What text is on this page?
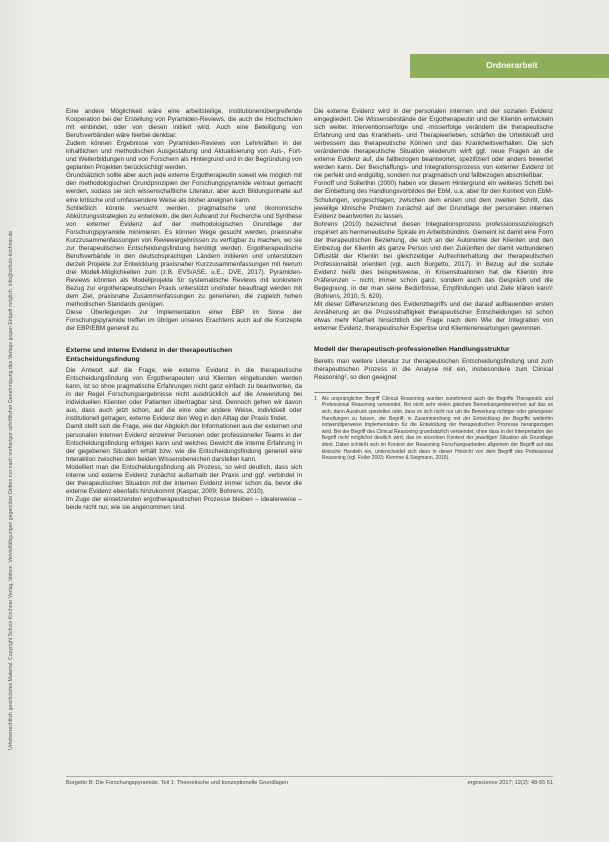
Ordnerarbeit
Urheberrechtlich geschütztes Material. Copyright Schulz-Kirchner Verlag, Idstein. Vervielfältigungen gegenüber Dritten nur nach vorheriger schriftlicher Genehmigung des Verlags gegen Entgelt möglich. info@schulz-kirchner.de

Eine andere Möglichkeit wäre eine arbeitsteilige, institutionenübergreifende Kooperation bei der Erstellung von Pyramiden-Reviews, die auch die Hochschulen mit einbindet, oder von diesen initiiert wird. Auch eine Beteiligung von Berufsverbänden wäre hierbei denkbar.

Zudem können Ergebnisse von Pyramiden-Reviews von Lehrkräften in der inhaltlichen und methodischen Ausgestaltung und Aktualisierung von Aus-, Fort- und Weiterbildungen und von Forschern als Hintergrund und in der Begründung von geplanten Projekten berücksichtigt werden.

Grundsätzlich sollte aber auch jede externe Ergotherapeutin soweit wie möglich mit den methodologischen Grundprinzipien der Forschungspyramide vertraut gemacht werden, sodass sie sich wissenschaftliche Literatur, aber auch Bildungsinhalte auf eine kritische und umfassendere Weise als bisher aneignen kann.

Schließlich könnte versucht werden, pragmatische und ökonomische Abkürzungsstrategien zu entwickeln, die den Aufwand zur Recherche und Synthese von externer Evidenz auf der methodologischen Grundlage der Forschungspyramide minimieren. Es können Wege gesucht werden, praxisnahe Kurzzusammenfassungen von Reviewergebnissen zu verfügbar zu machen, wo sie zur therapeutischen Entscheidungsfindung benötigt werden. Ergotherapeutische Berufsverbände in den deutschsprachigen Ländern initiieren und unterstützen derzeit Projekte zur Entwicklung praxisnaher Kurzzusammenfassungen mit hierum drei Modell-Möglichkeiten zum (z.B. EVS/ASE, u.E., DVE, 2017). Pyramiden-Reviews könnten als Modellprojekte für systematische Reviews mit konkretem Bezug zur ergotherapeutischen Praxis unterstützt und/oder beauftragt werden mit dem Ziel, praxisnahe Zusammenfassungen zu generieren, die zugleich hohen methodischen Standards genügen.

Diese Überlegungen zur Implementation einer EBP im Sinne der Forschungspyramide treffen im übrigen unseres Erachtens auch auf die Konzepte der EBP/EBM generell zu.

Externe und interne Evidenz in der therapeutischen Entscheidungsfindung

Die Antwort auf die Frage, wie externe Evidenz in die therapeutische Entscheidungsfindung von Ergotherapeuten und Klienten eingebunden werden kann, ist so ohne pragmatische Erfahrungen nicht ganz einfach zu beantworten, da in der Regel Forschungsergebnisse nicht ausdrücklich auf die Anwendung bei individuellen Klienten oder Patienten übertragbar sind. Dennoch gehen wir davon aus, dass auch jetzt schon, auf die eine oder andere Weise, individuell oder institutionell getragen, externe Evidenz den Weg in den Alltag der Praxis findet.

Damit stellt sich die Frage, wie der Abgleich der Informationen aus der externen und personalen internen Evidenz einzelner Personen oder professioneller Teams in der Entscheidungsfindung erfolgen kann und welches Gewicht die interne Erfahrung in der gegebenen Situation erhält bzw. wie die Entscheidungsfindung generell eine Interaktion zwischen den beiden Wissensbereichen darstellen kann.

Modelliert man die Entscheidungsfindung als Prozess, so wird deutlich, dass sich interne und externe Evidenz zunächst außerhalb der Praxis und ggf. verbindet in der therapeutischen Situation mit der internen Evidenz immer schon da, bevor die externe Evidenz ebenfalls hinzukommt (Kaspar, 2009; Bohrens, 2010).

Im Zuge der einsetzenden ergotherapeutischen Prozesse bleiben – idealerweise – beide nicht nur, wie sie angenommen sind.

Die externe Evidenz wird in der personalen internen und der sozialen Evidenz eingegliedert. Die Wissensbestände der Ergotherapeutin und der Klientin entwickeln sich weiter. Interventionserfolge und -misserfolge verändern die therapeutische Erfahrung und das Krankheits- und Therapieerleben, schärfen die Urteilskraft und verbessern das therapeutische Können und das Krankheitsverhalten. Die sich verändernde therapeutische Situation wiederum wirft ggf. neue Fragen an die externe Evidenz auf, die fallbezogen beantwortet, spezifiziert oder anders bewertet werden kann. Der Beschaffungs- und Integrationsprozess von externer Evidenz ist nie perfekt und endgültig, sondern nur pragmatisch und fallbezogen abschließbar.

Fornoff und Sollerthin (2000) haben vor diesem Hintergrund ein weiteres Schritt bei der Einbettung des Handlungsvorbildes der EbM, u.a. aber für den Kontext von EbM-Schulungen, vorgeschlagen, zwischen dem ersten und dem zweiten Schritt, das jeweilige klinische Problem zunächst auf der Grundlage der personalen internen Evidenz beantworten zu lassen.

Bohrens (2010) bezeichnet diesen Integrationsprozess professionssoziologisch inspiriert als hermeneutische Spirale im Arbeitsbündnis. Gemeint ist damit eine Form der therapeutischen Beziehung, die sich an der Autonomie der Klienten und den Einbezug der Klientin als ganze Person und den Zukünften der damit verbundenen Diffusität der Klientin bei gleichzeitiger Aufrechterhaltung der therapeutischen Professionalität orientiert (vgl. auch Borgetto, 2017). In Bezug auf die soziale Evidenz heißt dies beispielsweise, in Krisensituationen hat die Klientin ihre Präferenzen – nicht, immer schon ganz, sondern auch das Gespräch und die Begegnung, in der man seine Bedürfnisse, Empfindungen und Ziele klären kann¹ (Bohrens, 2010, S. 620).

Mit dieser Differenzierung des Evidenzbegriffs und der darauf aufbauenden ersten Annäherung an die Prozesshaftigkeit therapeutischer Entscheidungen ist schon etwas mehr Klarheit hinsichtlich der Frage nach dem Wie der Integration von externer Evidenz, therapeutischer Expertise und Klientenerwartungen gewonnen.

Modell der therapeutisch-professionellen Handlungsstruktur

Bereits man weitere Literatur zur therapeutischen Entscheidungsfindung und zum therapeutischen Prozess in die Analyse mit ein, insbesondere zum Clinical Reasoning², so dien geeignet

1 Als ursprünglicher Begriff Clinical Reasoning wurden zunehmend auch die Begriffe Therapeutic und Professional Reasoning verwendet. Bei nicht sehr vielen gleichen Bemerkungenbereichen auf das es sich, dann Ausdruck speziellen oder, dass es sich nicht nur um die Bewertung richtiger oder gelungener Handlungen zu fassen, der Begriff, in Zusammenhang mit der Entwicklung der Begriffe weiterhin notwendigerweise Implementation für die Entwicklung der therapeutischen Prozesse herangezogen wird. Bei der Begriff des Clinical Reasoning grundsätzlich verwendet, ohne dass in der Interpretation der Begriff nicht möglichst deutlich wird, das im einzelnen Kontext der jeweiligen Situation als Grundlage dient. Dabei schließt sich im Kontext der Reasoning Forschungsarbeiten allgemein der Begriff auf das klinische Handeln ein, unterscheidet sich dann in dieser Hinsicht von dem Begriff des Professional Reasoning (vgl. Feiler 2003; Klemme & Siegmann, 2015).
Borgetto B: Die Forschungspyramide. Teil 1: Theoretische und konzeptionelle Grundlagen	ergoscience 2017; 12(2): 48-55 51
